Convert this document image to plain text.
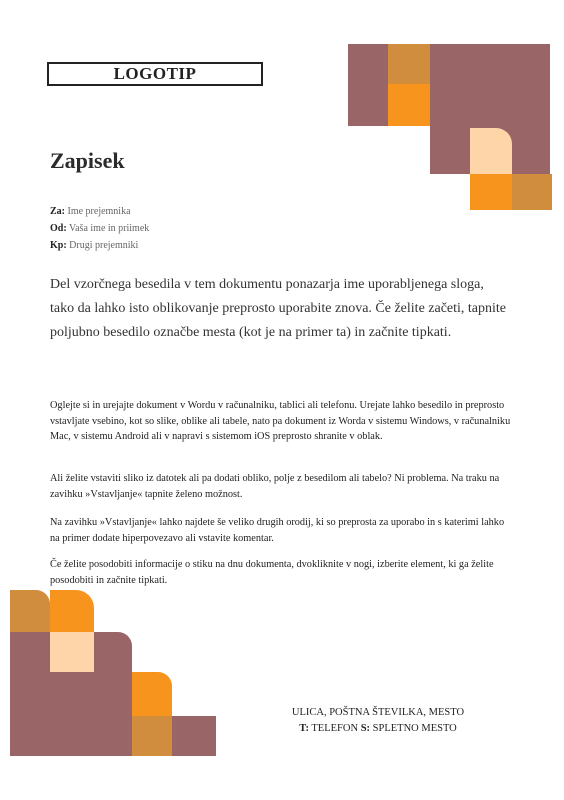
LOGOTIP
Zapisek
Za: Ime prejemnika
Od: Vaša ime in priimek
Kp: Drugi prejemniki
Del vzorčnega besedila v tem dokumentu ponazarja ime uporabljenega sloga, tako da lahko isto oblikovanje preprosto uporabite znova. Če želite začeti, tapnite poljubno besedilo označbe mesta (kot je na primer ta) in začnite tipkati.
Oglejte si in urejajte dokument v Wordu v računalniku, tablici ali telefonu. Urejate lahko besedilo in preprosto vstavljate vsebino, kot so slike, oblike ali tabele, nato pa dokument iz Worda v sistemu Windows, v računalniku Mac, v sistemu Android ali v napravi s sistemom iOS preprosto shranite v oblak.
Ali želite vstaviti sliko iz datotek ali pa dodati obliko, polje z besedilom ali tabelo? Ni problema. Na traku na zavihku »Vstavljanje« tapnite želeno možnost.
Na zavihku »Vstavljanje« lahko najdete še veliko drugih orodij, ki so preprosta za uporabo in s katerimi lahko na primer dodate hiperpovezavo ali vstavite komentar.
Če želite posodobiti informacije o stiku na dnu dokumenta, dvokliknite v nogi, izberite element, ki ga želite posodobiti in začnite tipkati.
ULICA, POŠTNA ŠTEVILKA, MESTO
T: TELEFON S: SPLETNO MESTO
